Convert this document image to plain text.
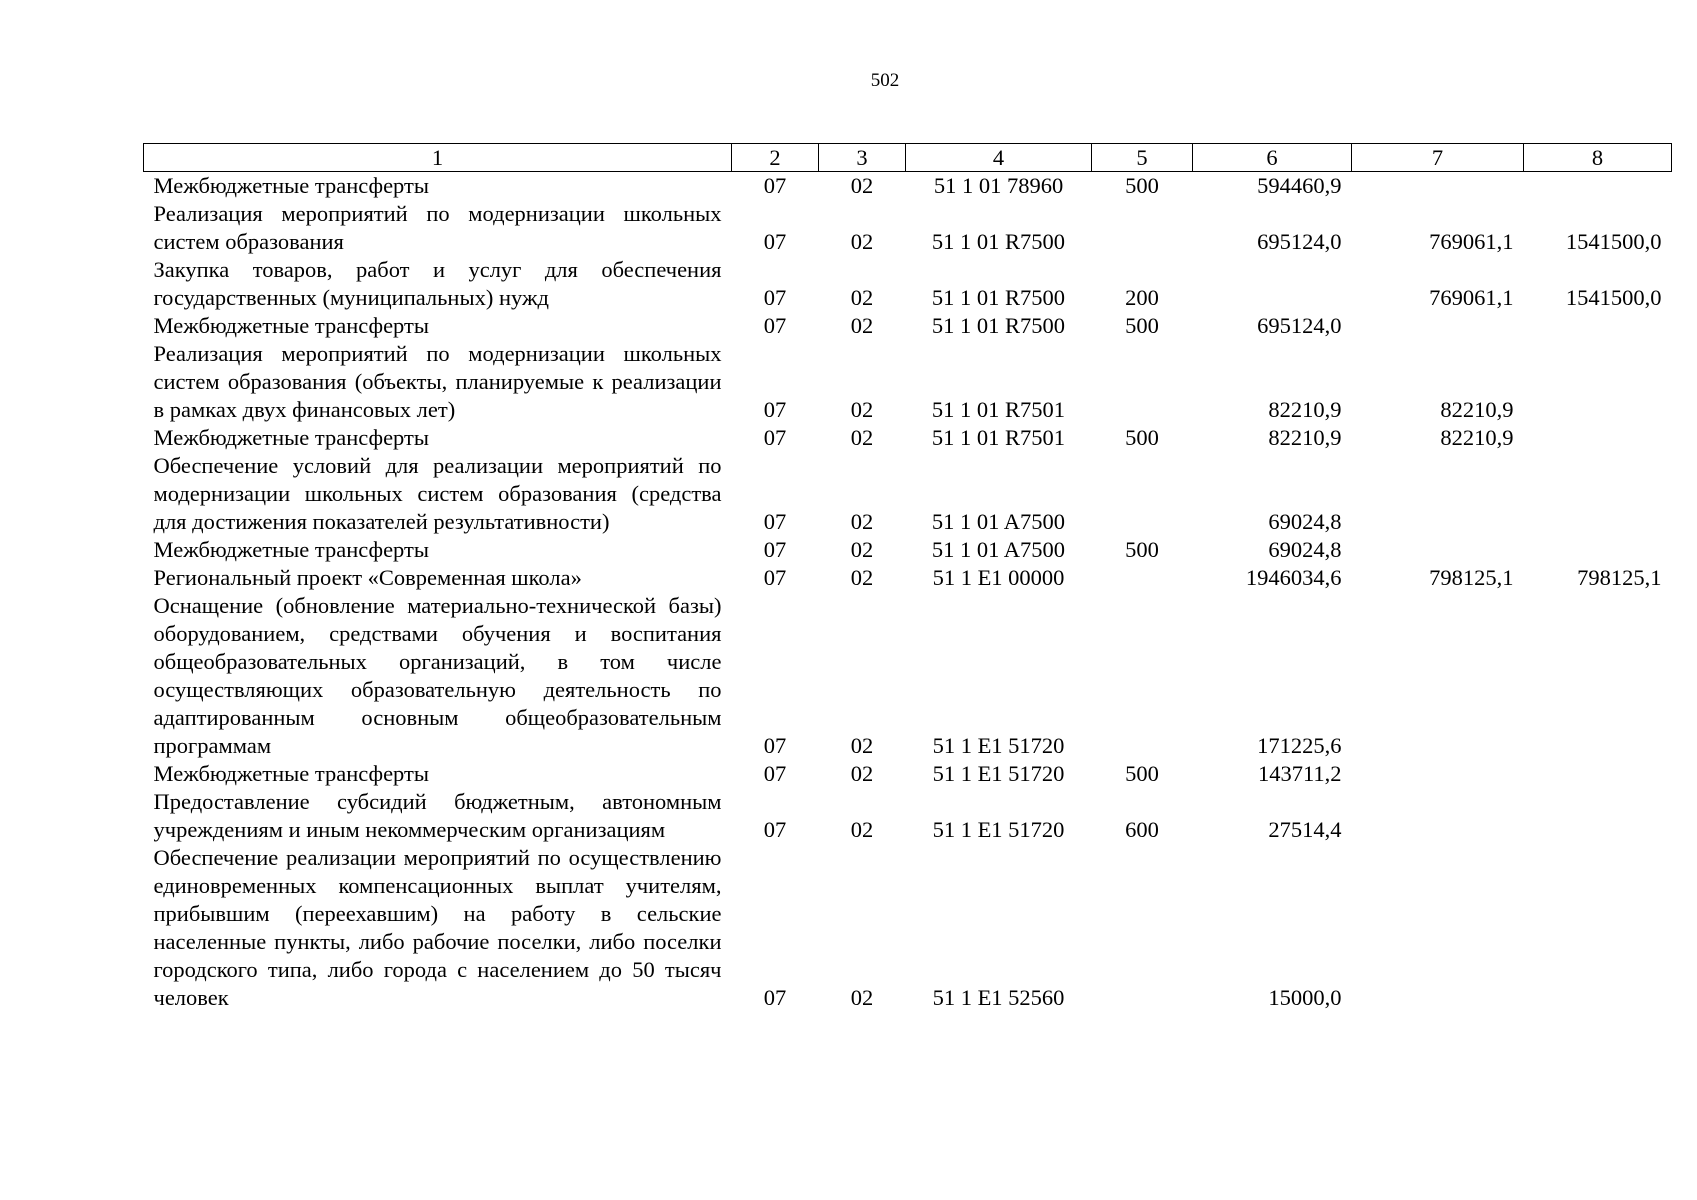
502
1	2	3	4	5	6	7	8
Межбюджетные трансферты	07	02	51 1 01 78960	500	594460,9		
Реализация мероприятий по модернизации школьных систем образования	07	02	51 1 01 R7500		695124,0	769061,1	1541500,0
Закупка товаров, работ и услуг для обеспечения государственных (муниципальных) нужд	07	02	51 1 01 R7500	200		769061,1	1541500,0
Межбюджетные трансферты	07	02	51 1 01 R7500	500	695124,0		
Реализация мероприятий по модернизации школьных систем образования (объекты, планируемые к реализации в рамках двух финансовых лет)	07	02	51 1 01 R7501		82210,9	82210,9	
Межбюджетные трансферты	07	02	51 1 01 R7501	500	82210,9	82210,9	
Обеспечение условий для реализации мероприятий по модернизации школьных систем образования (средства для достижения показателей результативности)	07	02	51 1 01 A7500		69024,8		
Межбюджетные трансферты	07	02	51 1 01 A7500	500	69024,8		
Региональный проект «Современная школа»	07	02	51 1 E1 00000		1946034,6	798125,1	798125,1
Оснащение (обновление материально-технической базы) оборудованием, средствами обучения и воспитания общеобразовательных организаций, в том числе осуществляющих образовательную деятельность по адаптированным основным общеобразовательным программам	07	02	51 1 E1 51720		171225,6		
Межбюджетные трансферты	07	02	51 1 E1 51720	500	143711,2		
Предоставление субсидий бюджетным, автономным учреждениям и иным некоммерческим организациям	07	02	51 1 E1 51720	600	27514,4		
Обеспечение реализации мероприятий по осуществлению единовременных компенсационных выплат учителям, прибывшим (переехавшим) на работу в сельские населенные пункты, либо рабочие поселки, либо поселки городского типа, либо города с населением до 50 тысяч человек	07	02	51 1 E1 52560		15000,0		
